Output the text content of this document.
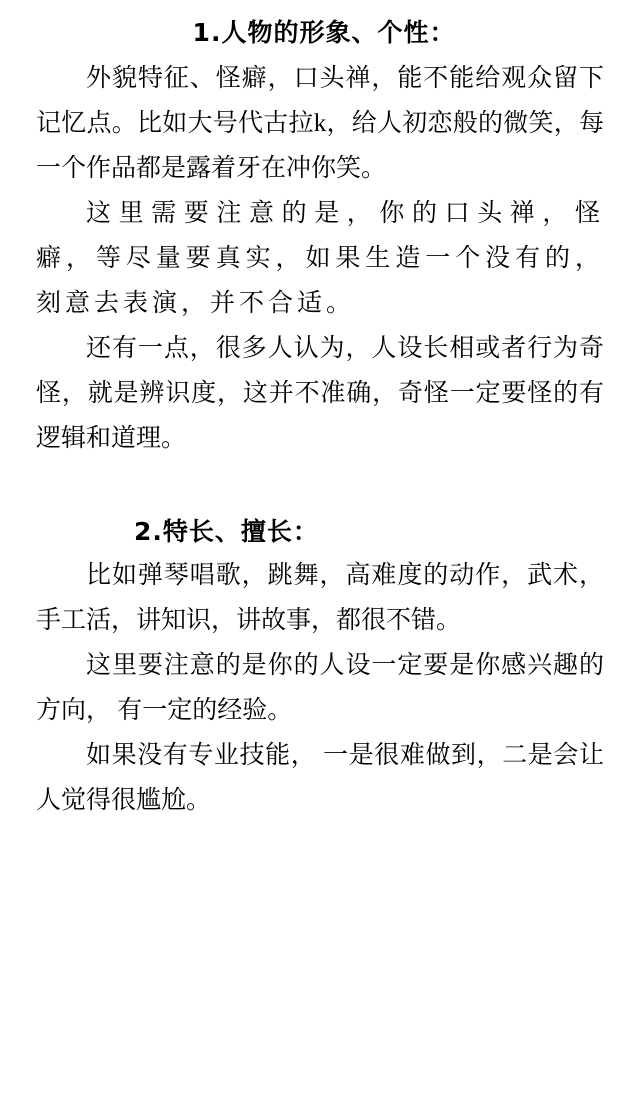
1.人物的形象、个性：

外貌特征、怪癖，口头禅，能不能给观众留下记忆点。比如大号代古拉k，给人初恋般的微笑，每一个作品都是露着牙在冲你笑。

这里需要注意的是，你的口头禅，怪癖，等尽量要真实，如果生造一个没有的，刻意去表演，并不合适。

还有一点，很多人认为，人设长相或者行为奇怪，就是辨识度，这并不准确，奇怪一定要怪的有逻辑和道理。

2.特长、擅长：

比如弹琴唱歌，跳舞，高难度的动作，武术，手工活，讲知识，讲故事，都很不错。

这里要注意的是你的人设一定要是你感兴趣的方向， 有一定的经验。

如果没有专业技能， 一是很难做到，二是会让人觉得很尴尬。
